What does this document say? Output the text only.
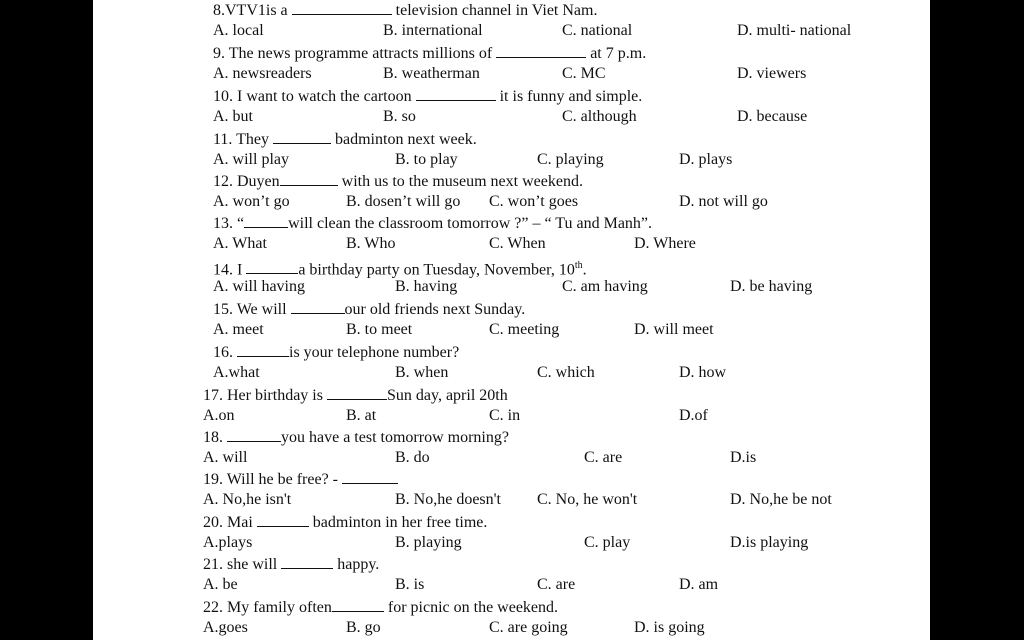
8.VTV1is a	television channel in Viet Nam.
A. local	B. international	C. national	D. multi- national
9. The news programme attracts millions of	at 7 p.m.
A. newsreaders	B. weatherman	C. MC	D. viewers
10. I want to watch the cartoon	it is funny and simple.
A. but	B. so	C. although	D. because
11. They	badminton next week.
A. will play	B. to play	C. playing	D. plays
12. Duyen	with us to the museum next weekend.
A. won’t go	B. dosen’t will go C. won’t goes	D. not will go
13. “	will clean the classroom tomorrow ?” – “ Tu and Manh”.
A. What	B. Who	C. When	D. Where
14. I	a birthday party on Tuesday, November, 10th.
A. will having	B. having	C. am having	D. be having
15. We will	our old friends next Sunday.
A. meet	B. to meet	C. meeting	D. will meet
16.	is your telephone number?
A.what	B. when	C. which	D. how
17. Her birthday is	Sun day, april 20th
A.on	B. at	C. in	D.of
18.	you have a test tomorrow morning?
A. will	B. do	C. are	D.is
19. Will he be free? -
A. No,he isn't	B. No,he doesn't C. No, he won't	D. No,he be not
20. Mai	badminton in her free time.
A.plays	B. playing	C. play	D.is playing
21. she will	happy.
A. be	B. is	C. are	D. am
22. My family often	for picnic on the weekend.
A.goes	B. go	C. are going	D. is going
